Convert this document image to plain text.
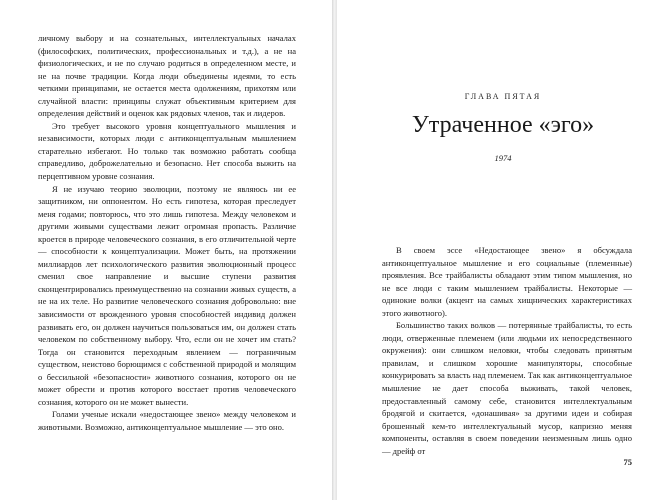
личному выбору и на сознательных, интеллектуальных началах (философских, политических, профессиональных и т.д.), а не на физиологических, и не по случаю родиться в определенном месте, и не на почве традиции. Когда люди объединены идеями, то есть четкими принципами, не остается места одолжениям, прихотям или случайной власти: принципы служат объективным критерием для определения действий и оценок как рядовых членов, так и лидеров.

Это требует высокого уровня концептуального мышления и независимости, которых люди с антиконцептуальным мышлением старательно избегают. Но только так возможно работать сообща справедливо, доброжелательно и безопасно. Нет способа выжить на перцептивном уровне сознания.

Я не изучаю теорию эволюции, поэтому не являюсь ни ее защитником, ни оппонентом. Но есть гипотеза, которая преследует меня годами; повторюсь, что это лишь гипотеза. Между человеком и другими живыми существами лежит огромная пропасть. Различие кроется в природе человеческого сознания, в его отличительной черте — способности к концептуализации. Может быть, на протяжении миллиардов лет психологического развития эволюционный процесс сменил свое направление и высшие ступени развития сконцентрировались преимущественно на сознании живых существ, а не на их теле. Но развитие человеческого сознания добровольно: вне зависимости от врожденного уровня способностей индивид должен развивать его, он должен научиться пользоваться им, он должен стать человеком по собственному выбору. Что, если он не хочет им стать? Тогда он становится переходным явлением — пограничным существом, неистово борющимся с собственной природой и молящим о бессильной «безопасности» животного сознания, которого он не может обрести и против которого восстает против человеческого сознания, которого он не может вынести.

Голами ученые искали «недостающее звено» между человеком и животными. Возможно, антиконцептуальное мышление — это оно.

ГЛАВА ПЯТАЯ
Утраченное «эго»
1974

В своем эссе «Недостающее звено» я обсуждала антиконцептуальное мышление и его социальные (племенные) проявления. Все трайбалисты обладают этим типом мышления, но не все люди с таким мышлением трайбалисты. Некоторые — одинокие волки (акцент на самых хищнических характеристиках этого животного).

Большинство таких волков — потерянные трайбалисты, то есть люди, отверженные племенем (или людьми их непосредственного окружения): они слишком неловки, чтобы следовать принятым правилам, и слишком хорошие манипуляторы, способные конкурировать за власть над племенем. Так как антиконцептуальное мышление не дает способа выживать, такой человек, предоставленный самому себе, становится интеллектуальным бродягой и скитается, «донашивая» за другими идеи и собирая брошенный кем-то интеллектуальный мусор, капризно меняя компоненты, оставляя в своем поведении неизменным лишь одно — дрейф от

75
